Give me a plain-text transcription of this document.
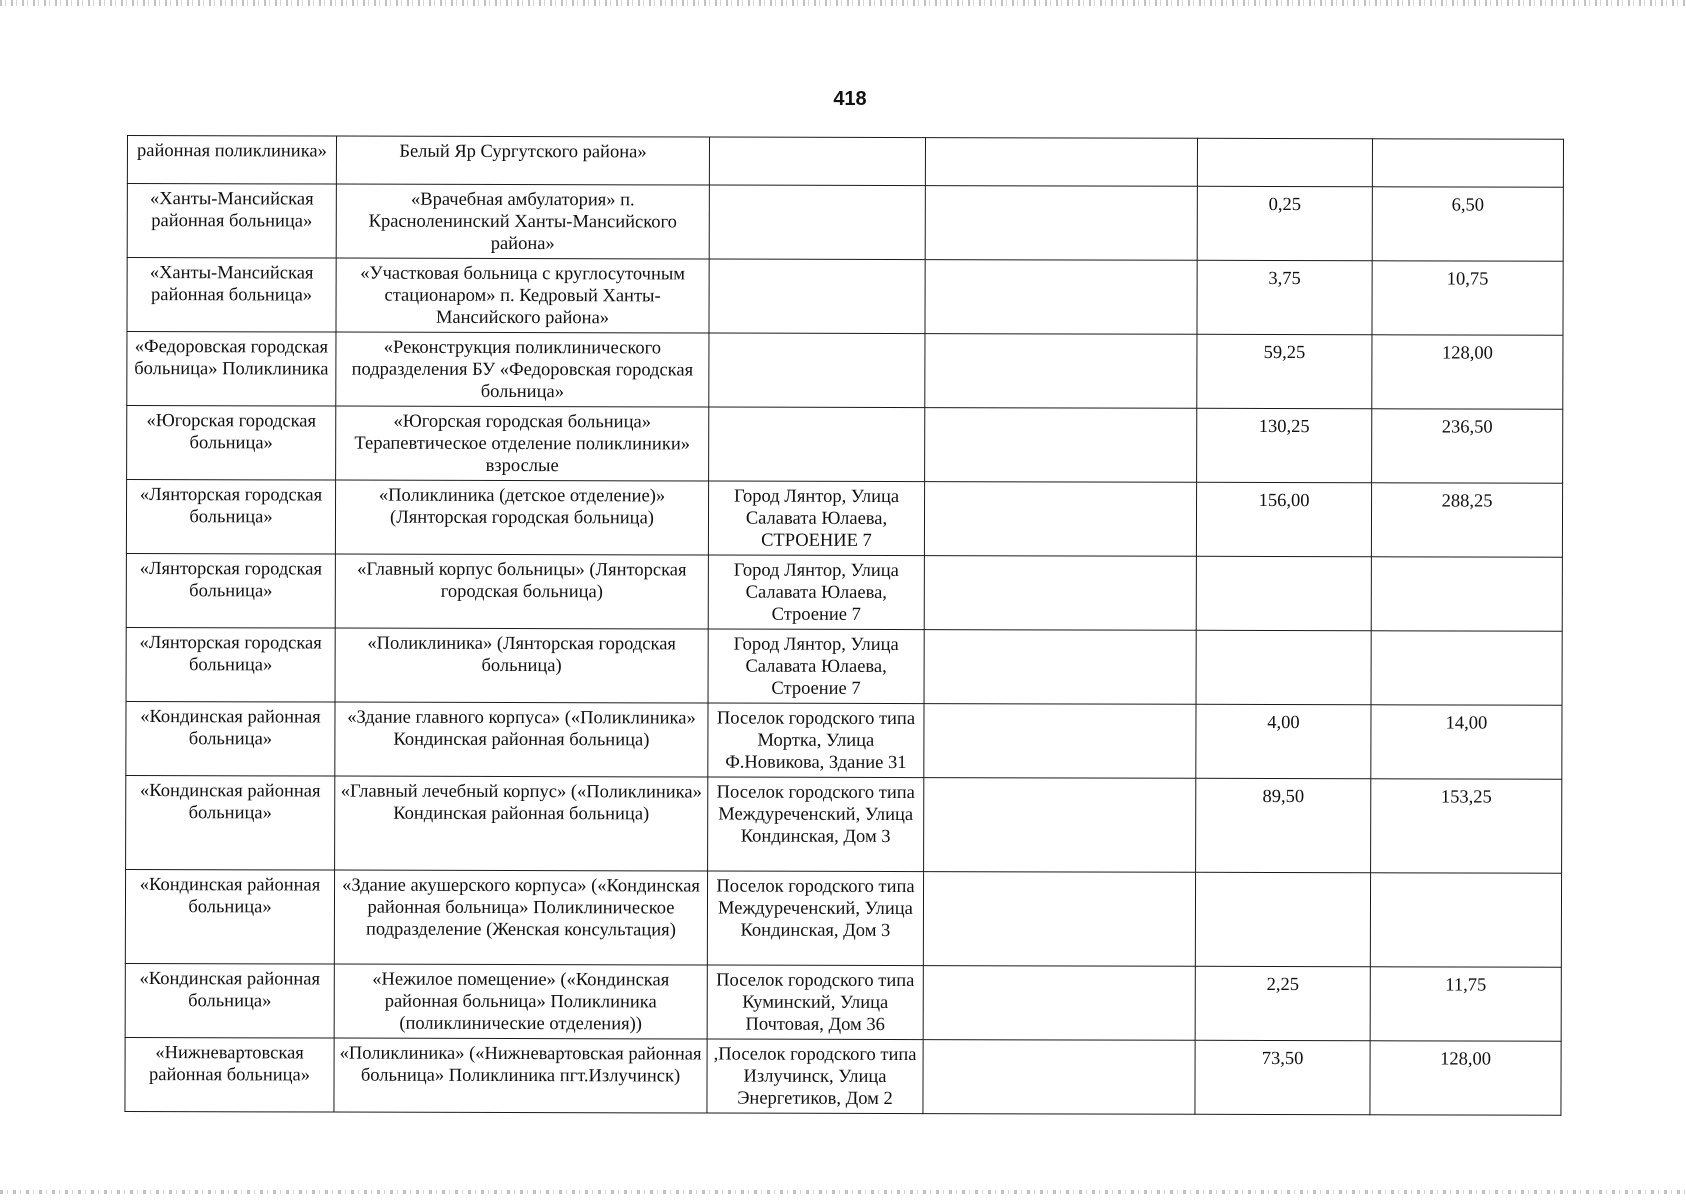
418
районная поликлиника»	Белый Яр Сургутского района»				
«Ханты-Мансийская районная больница»	«Врачебная амбулатория» п. Красноленинский Ханты-Мансийского района»			0,25	6,50
«Ханты-Мансийская районная больница»	«Участковая больница с круглосуточным стационаром» п. Кедровый Ханты-Мансийского района»			3,75	10,75
«Федоровская городская больница» Поликлиника	«Реконструкция поликлинического подразделения БУ «Федоровская городская больница»			59,25	128,00
«Югорская городская больница»	«Югорская городская больница» Терапевтическое отделение поликлиники» взрослые			130,25	236,50
«Лянторская городская больница»	«Поликлиника (детское отделение)» (Лянторская городская больница)	Город Лянтор, Улица Салавата Юлаева, СТРОЕНИЕ 7		156,00	288,25
«Лянторская городская больница»	«Главный корпус больницы» (Лянторская городская больница)	Город Лянтор, Улица Салавата Юлаева, Строение 7			
«Лянторская городская больница»	«Поликлиника» (Лянторская городская больница)	Город Лянтор, Улица Салавата Юлаева, Строение 7			
«Кондинская районная больница»	«Здание главного корпуса» («Поликлиника» Кондинская районная больница)	Поселок городского типа Мортка, Улица Ф.Новикова, Здание 31		4,00	14,00
«Кондинская районная больница»	«Главный лечебный корпус» («Поликлиника» Кондинская районная больница)	Поселок городского типа Междуреченский, Улица Кондинская, Дом 3		89,50	153,25
«Кондинская районная больница»	«Здание акушерского корпуса» («Кондинская районная больница» Поликлиническое подразделение (Женская консультация)	Поселок городского типа Междуреченский, Улица Кондинская, Дом 3			
«Кондинская районная больница»	«Нежилое помещение» («Кондинская районная больница» Поликлиника (поликлинические отделения))	Поселок городского типа Куминский, Улица Почтовая, Дом 36		2,25	11,75
«Нижневартовская районная больница»	«Поликлиника» («Нижневартовская районная больница» Поликлиника пгт.Излучинск)	,Поселок городского типа Излучинск, Улица Энергетиков, Дом 2		73,50	128,00
